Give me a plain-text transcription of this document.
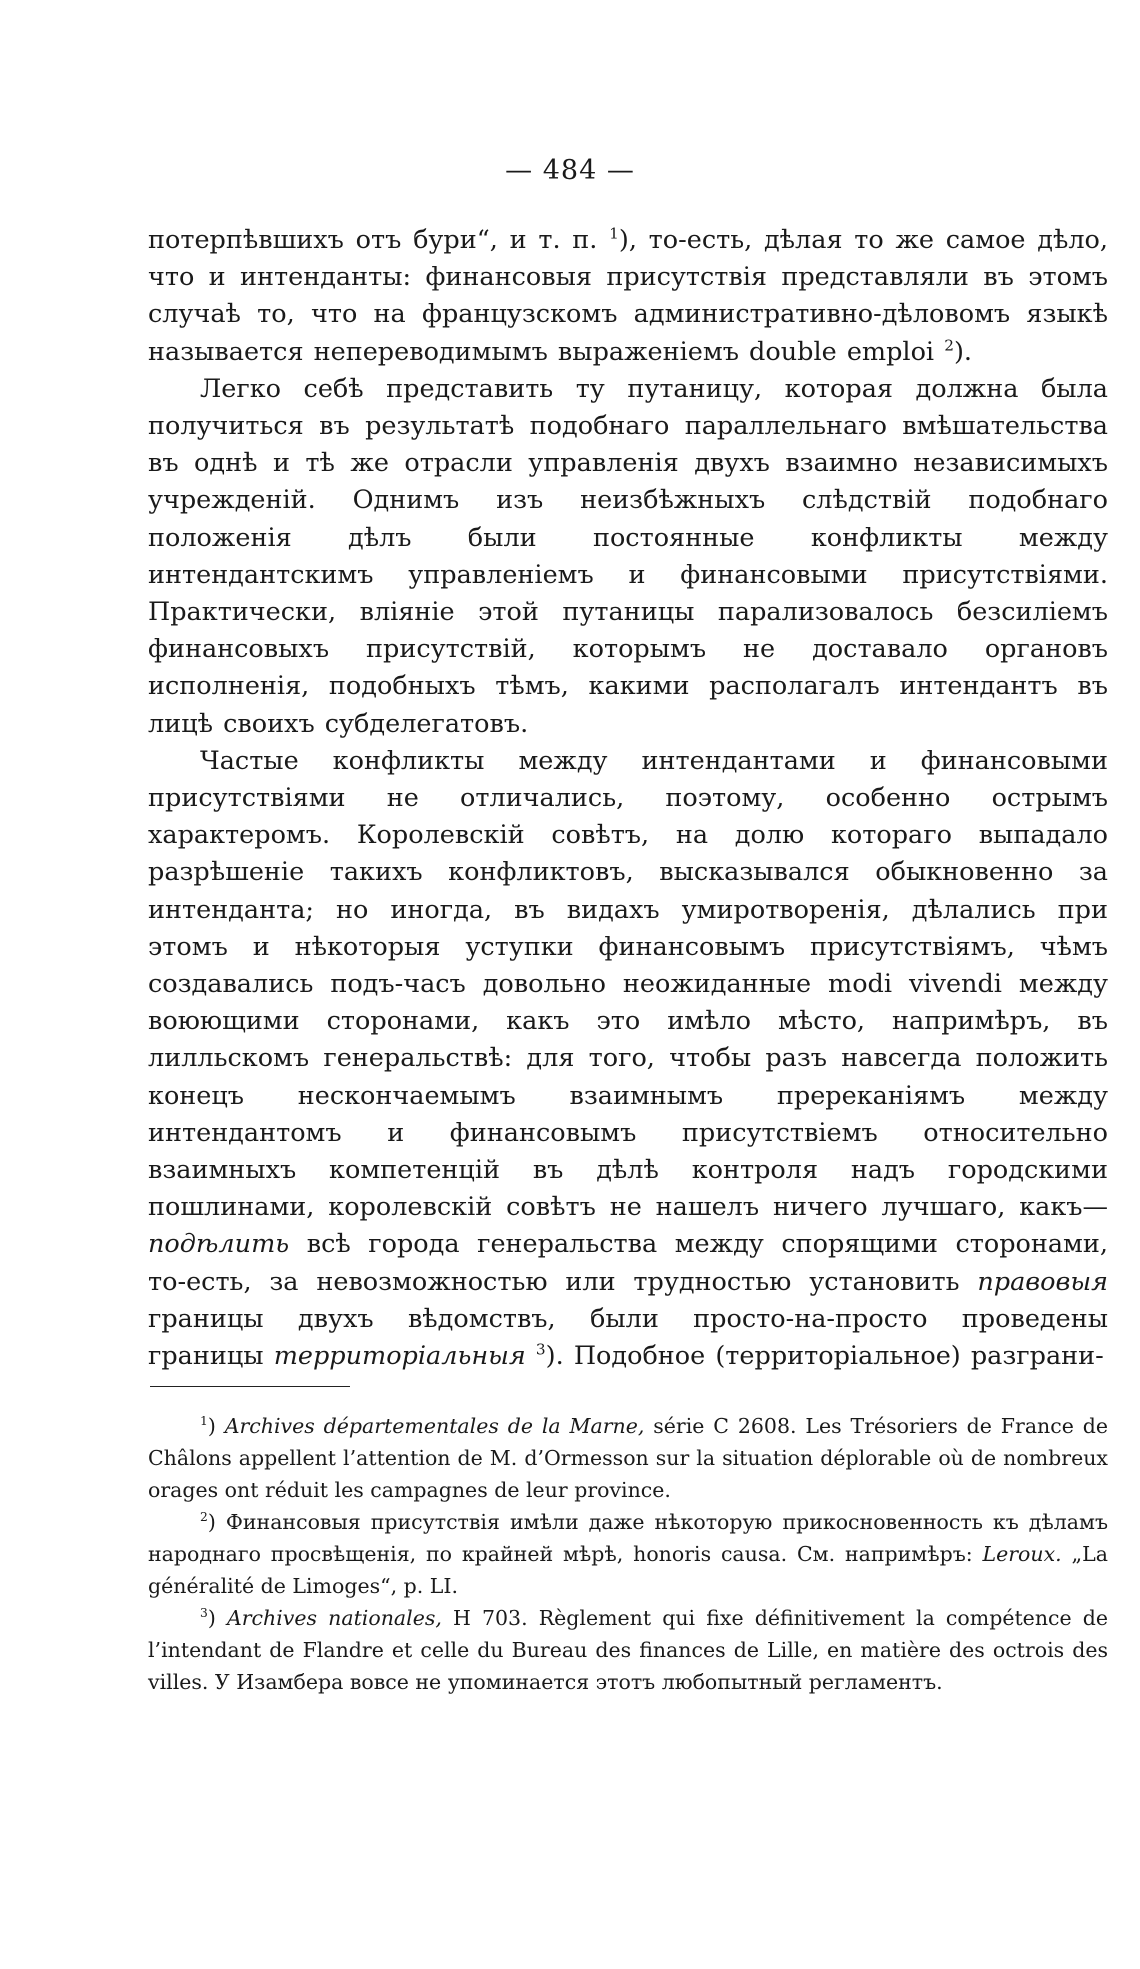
— 484 —

потерпѣвшихъ отъ бури“, и т. п. $^1$), то-есть, дѣлая то же самое дѣло, что и интенданты: финансовыя присутствія представляли въ этомъ случаѣ то, что на французскомъ административно-дѣловомъ языкѣ называется непереводимымъ выраженіемъ double emploi $^2$).

Легко себѣ представить ту путаницу, которая должна была получиться въ результатѣ подобнаго параллельнаго вмѣшательства въ однѣ и тѣ же отрасли управленія двухъ взаимно независимыхъ учрежденій. Однимъ изъ неизбѣжныхъ слѣдствій подобнаго положенія дѣлъ были постоянные конфликты между интендантскимъ управленіемъ и финансовыми присутствіями. Практически, вліяніе этой путаницы парализовалось безсиліемъ финансовыхъ присутствій, которымъ не доставало органовъ исполненія, подобныхъ тѣмъ, какими располагалъ интендантъ въ лицѣ своихъ субделегатовъ.

Частые конфликты между интендантами и финансовыми присутствіями не отличались, поэтому, особенно острымъ характеромъ. Королевскій совѣтъ, на долю котораго выпадало разрѣшеніе такихъ конфликтовъ, высказывался обыкновенно за интенданта; но иногда, въ видахъ умиротворенія, дѣлались при этомъ и нѣкоторыя уступки финансовымъ присутствіямъ, чѣмъ создавались подъ-часъ довольно неожиданные modi vivendi между воюющими сторонами, какъ это имѣло мѣсто, напримѣръ, въ лилльскомъ генеральствѣ: для того, чтобы разъ навсегда положить конецъ нескончаемымъ взаимнымъ пререканіямъ между интендантомъ и финансовымъ присутствіемъ относительно взаимныхъ компетенцій въ дѣлѣ контроля надъ городскими пошлинами, королевскій совѣтъ не нашелъ ничего лучшаго, какъ—подѣлить всѣ города генеральства между спорящими сторонами, то-есть, за невозможностью или трудностью установить правовыя границы двухъ вѣдомствъ, были просто-на-просто проведены границы территоріальныя $^3$). Подобное (территоріальное) разграни-

$^1$) Archives départementales de la Marne, série C 2608. Les Trésoriers de France de Châlons appellent l’attention de M. d’Ormesson sur la situation déplorable où de nombreux orages ont réduit les campagnes de leur province.

$^2$) Финансовыя присутствія имѣли даже нѣкоторую прикосновенность къ дѣламъ народнаго просвѣщенія, по крайней мѣрѣ, honoris causa. См. напримѣръ: Leroux. „La généralité de Limoges“, p. LI.

$^3$) Archives nationales, H 703. Règlement qui fixe définitivement la compétence de l’intendant de Flandre et celle du Bureau des finances de Lille, en matière des octrois des villes. У Изамбера вовсе не упоминается этотъ любопытный регламентъ.
